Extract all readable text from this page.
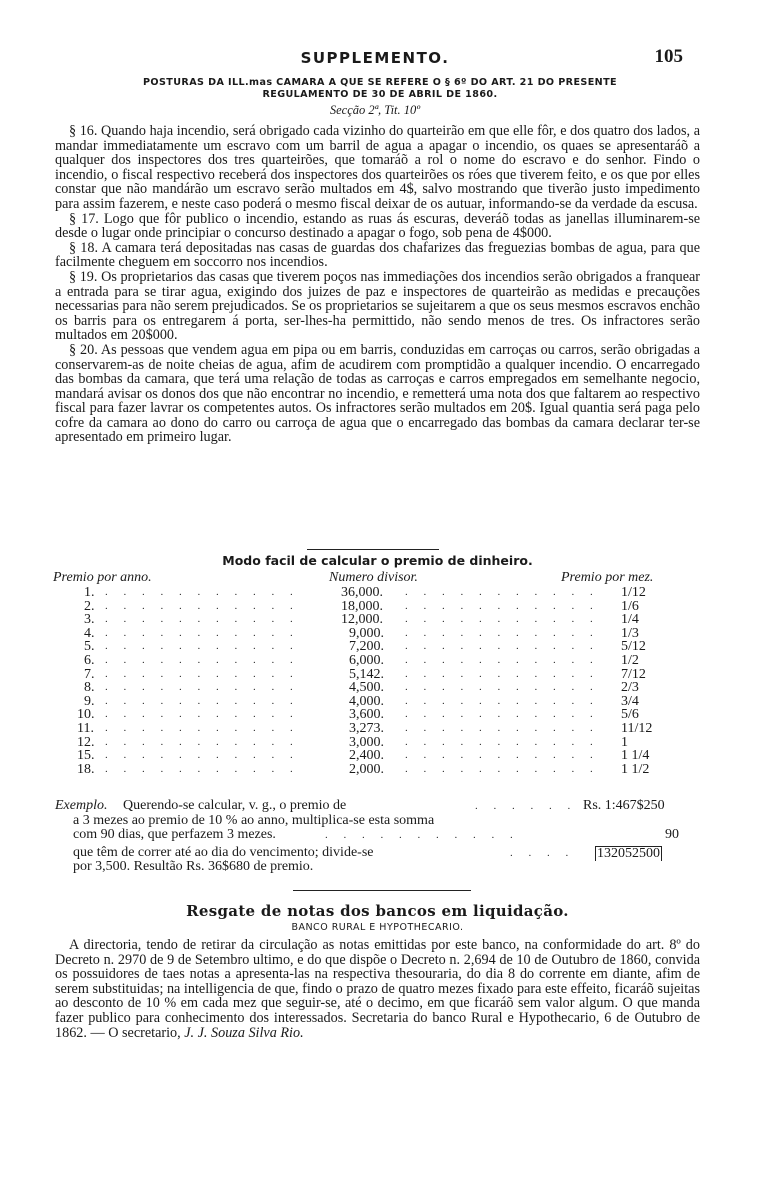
SUPPLEMENTO.	105
POSTURAS DA ILL.mas CAMARA A QUE SE REFERE O § 6º DO ART. 21 DO PRESENTE
REGULAMENTO DE 30 DE ABRIL DE 1860.
Secção 2ª, Tit. 10º

§ 16. Quando haja incendio, será obrigado cada vizinho do quarteirão em que elle fôr, e dos quatro dos lados, a mandar immediatamente um escravo com um barril de agua a apagar o incendio, os quaes se apresentaráõ a qualquer dos inspectores dos tres quarteirões, que tomaráõ a rol o nome do escravo e do senhor. Findo o incendio, o fiscal respectivo receberá dos inspectores dos quarteirões os róes que tiverem feito, e os que por elles constar que não mandárão um escravo serão multados em 4$, salvo mostrando que tiverão justo impedimento para assim fazerem, e neste caso poderá o mesmo fiscal deixar de os autuar, informando-se da verdade da escusa.

§ 17. Logo que fôr publico o incendio, estando as ruas ás escuras, deveráõ todas as janellas illuminarem-se desde o lugar onde principiar o concurso destinado a apagar o fogo, sob pena de 4$000.

§ 18. A camara terá depositadas nas casas de guardas dos chafarizes das freguezias bombas de agua, para que facilmente cheguem em soccorro nos incendios.

§ 19. Os proprietarios das casas que tiverem poços nas immediações dos incendios serão obrigados a franquear a entrada para se tirar agua, exigindo dos juizes de paz e inspectores de quarteirão as medidas e precauções necessarias para não serem prejudicados. Se os proprietarios se sujeitarem a que os seus mesmos escravos enchão os barris para os entregarem á porta, ser-lhes-ha permittido, não sendo menos de tres. Os infractores serão multados em 20$000.

§ 20. As pessoas que vendem agua em pipa ou em barris, conduzidas em carroças ou carros, serão obrigadas a conservarem-as de noite cheias de agua, afim de acudirem com promptidão a qualquer incendio. O encarregado das bombas da camara, que terá uma relação de todas as carroças e carros empregados em semelhante negocio, mandará avisar os donos dos que não encontrar no incendio, e remetterá uma nota dos que faltarem ao respectivo fiscal para fazer lavrar os competentes autos. Os infractores serão multados em 20$. Igual quantia será paga pelo cofre da camara ao dono do carro ou carroça de agua que o encarregado das bombas da camara declarar ter-se apresentado em primeiro lugar.

Modo facil de calcular o premio de dinheiro.
Premio por anno.	Numero divisor.	Premio por mez.
1. . . . . . . . . . . .	36,000. . . . . . . . . . . . 1/12
2. . . . . . . . . . . .	18,000. . . . . . . . . . . . 1/6
3. . . . . . . . . . . .	12,000. . . . . . . . . . . . 1/4
4. . . . . . . . . . . .	9,000. . . . . . . . . . . . 1/3
5. . . . . . . . . . . .	7,200. . . . . . . . . . . . 5/12
6. . . . . . . . . . . .	6,000. . . . . . . . . . . . 1/2
7. . . . . . . . . . . .	5,142. . . . . . . . . . . . 7/12
8. . . . . . . . . . . .	4,500. . . . . . . . . . . . 2/3
9. . . . . . . . . . . .	4,000. . . . . . . . . . . . 3/4
10. . . . . . . . . . . .	3,600. . . . . . . . . . . . 5/6
11. . . . . . . . . . . .	3,273. . . . . . . . . . . . 11/12
12. . . . . . . . . . . .	3,000. . . . . . . . . . . . 1
15. . . . . . . . . . . .	2,400. . . . . . . . . . . . 1 1/4
18. . . . . . . . . . . .	2,000. . . . . . . . . . . . 1 1/2
Exemplo. Querendo-se calcular, v. g., o premio de	. . . . . . Rs. 1:467$250
a 3 mezes ao premio de 10 % ao anno, multiplica-se esta somma
com 90 dias, que perfazem 3 mezes.	. . . . . . . . . . .	90
que têm de correr até ao dia do vencimento; divide-se	. . . . 132052500
por 3,500. Resultão Rs. 36$680 de premio.
Resgate de notas dos bancos em liquidação.
BANCO RURAL E HYPOTHECARIO.

A directoria, tendo de retirar da circulação as notas emittidas por este banco, na conformidade do art. 8º do Decreto n. 2970 de 9 de Setembro ultimo, e do que dispõe o Decreto n. 2,694 de 10 de Outubro de 1860, convida os possuidores de taes notas a apresenta-las na respectiva thesouraria, do dia 8 do corrente em diante, afim de serem substituidas; na intelligencia de que, findo o prazo de quatro mezes fixado para este effeito, ficaráõ sujeitas ao desconto de 10 % em cada mez que seguir-se, até o decimo, em que ficaráõ sem valor algum. O que manda fazer publico para conhecimento dos interessados. Secretaria do banco Rural e Hypothecario, 6 de Outubro de 1862. — O secretario, J. J. Souza Silva Rio.
